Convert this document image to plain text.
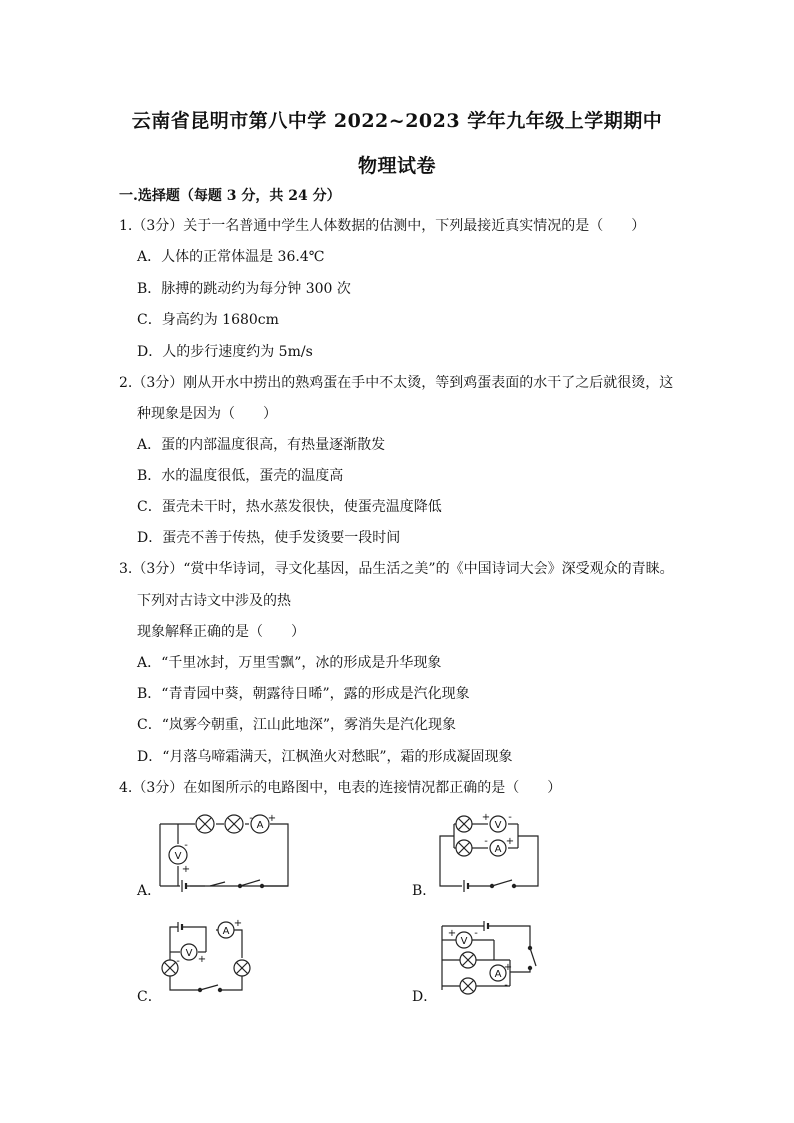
云南省昆明市第八中学 2022~2023 学年九年级上学期期中
物理试卷
一.选择题（每题 3 分，共 24 分）
1.（3分）关于一名普通中学生人体数据的估测中，下列最接近真实情况的是（　　）
A．人体的正常体温是 36.4℃
B．脉搏的跳动约为每分钟 300 次
C．身高约为 1680cm
D．人的步行速度约为 5m/s
2.（3分）刚从开水中捞出的熟鸡蛋在手中不太烫，等到鸡蛋表面的水干了之后就很烫，这
种现象是因为（　　）
A．蛋的内部温度很高，有热量逐渐散发
B．水的温度很低，蛋壳的温度高
C．蛋壳未干时，热水蒸发很快，使蛋壳温度降低
D．蛋壳不善于传热，使手发烫要一段时间
3.（3分）“赏中华诗词，寻文化基因，品生活之美”的《中国诗词大会》深受观众的青睐。
下列对古诗文中涉及的热
现象解释正确的是（　　）
A．“千里冰封，万里雪飘”，冰的形成是升华现象
B．“青青园中葵，朝露待日晞”，露的形成是汽化现象
C．“岚雾今朝重，江山此地深”，雾消失是汽化现象
D．“月落乌啼霜满天，江枫渔火对愁眠”，霜的形成凝固现象
4.（3分）在如图所示的电路图中，电表的连接情况都正确的是（　　）
A．
A
V
- +
-
+
B．
V
A
+ -
- +
C．
A
V
+
- +
D．
V
A
+ -
+
-
